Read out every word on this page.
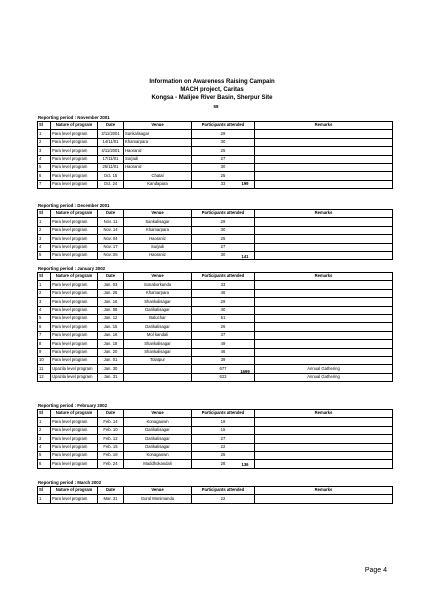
Information on Awareness Raising Campain
MACH project, Caritas
Kongsa - Malijee River Basin, Sherpur Site
58
Reporting period : November 2001
Sl	Nature of program	Date	Venue	Participants attended	Remarks
1	Para level program	2/11/2001	Sankalisagar	29	
2	Para level program	14/11/01	Khamarpara	30	
3	Para level program	4/11/2001	Haoraniz	25	
4	Para level program	17/11/01	Surjadi	27	
5	Para level program	25/11/01	Haoraniz	30	
6	Para level program	Oct. 15	Chatal	25	
7	Para level program	Oct. 24	Kandapara	33		199
Reporting period : December 2001
Sl	Nature of program	Date	Venue	Participants attended	Remarks
1	Para level program	Nov. 11	Sankalisagar	29	
2	Para level program	Nov. 14	Khamarpara	30	
3	Para level program	Nov. 04	Haoraniz	25	
4	Para level program	Nov. 17	Surjadi	27	
5	Para level program	Nov. 25	Haoraniz	30		141
Reporting period : January 2002
Sl	Nature of program	Date	Venue	Participants attended	Remarks
1	Para level program	Jan. 03	Sonaborkanda	33	
2	Para level program	Jan. 26	Khamarpara	46	
3	Para level program	Jan. 16	Shankalisagar	29	
4	Para level program	Jan. 08	Darikalisagar	40	
5	Para level program	Jan. 12	Baluchar	51	
6	Para level program	Jan. 15	Darikalisagar	26	
7	Para level program	Jan. 16	Mol kandali	37	
8	Para level program	Jan. 18	Shankalisagar	49	
9	Para level program	Jan. 20	Shankalisagar	46	
10	Para level program	Jan. 01	Tolatpur	39	
11	Upazila level program	Jan. 30		677	Annual Gathering
12	Upazila level program	Jan. 31		623	Annual Gathering
1699
Reporting period : February 2002
Sl	Nature of program	Date	Venue	Participants attended	Remarks
1	Para level program	Feb. 14	Konagaown	19	
2	Para level program	Feb. 10	Darikalisagar	15	
3	Para level program	Feb. 12	Darikalisagar	27	
4	Para level program	Feb. 15	Darikalisagar	22	
5	Para level program	Feb. 18	Konagaown	25	
6	Para level program	Feb. 24	Maddhokandali	28		136
Reporting period : March 2002
Sl	Nature of program	Date	Venue	Participants attended	Remarks
1	Para level program	Mar. 31	Gurol Monimanda	22	
Page 4
